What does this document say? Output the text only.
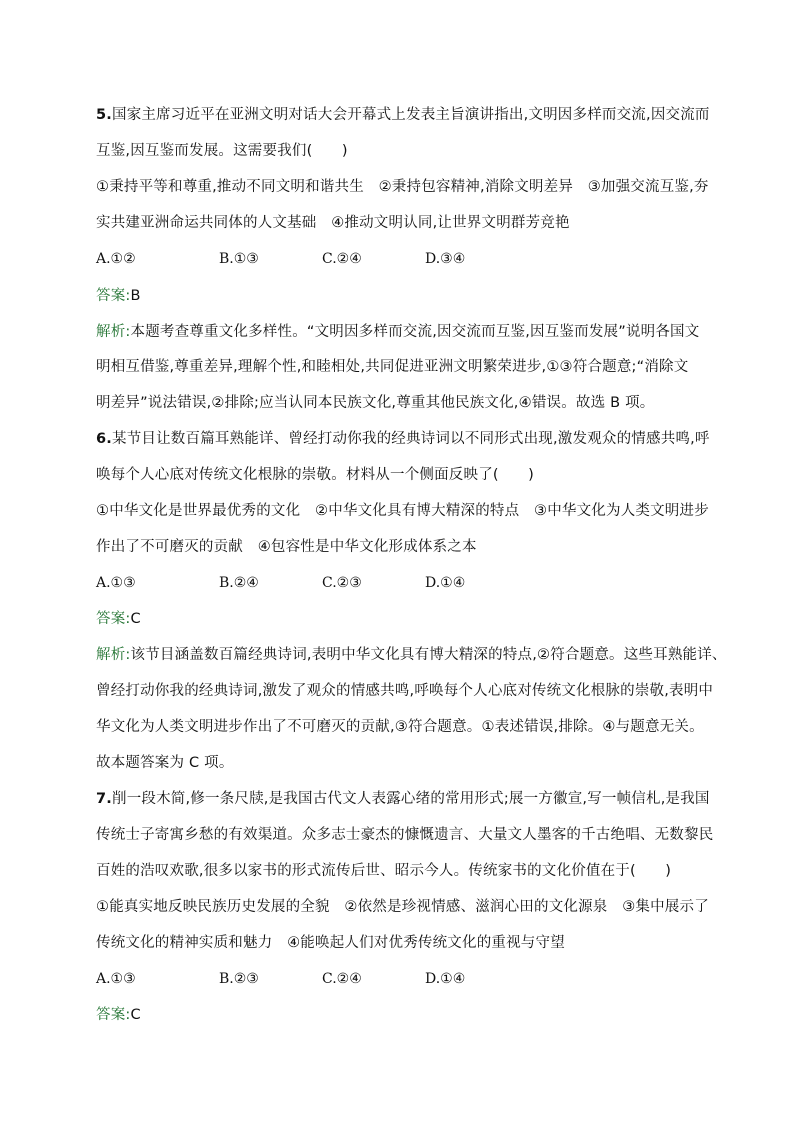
5.国家主席习近平在亚洲文明对话大会开幕式上发表主旨演讲指出,文明因多样而交流,因交流而
互鉴,因互鉴而发展。这需要我们(　　)
①秉持平等和尊重,推动不同文明和谐共生　②秉持包容精神,消除文明差异　③加强交流互鉴,夯
实共建亚洲命运共同体的人文基础　④推动文明认同,让世界文明群芳竞艳
A.①②	B.①③	C.②④	D.③④
答案:B
解析:本题考查尊重文化多样性。“文明因多样而交流,因交流而互鉴,因互鉴而发展”说明各国文
明相互借鉴,尊重差异,理解个性,和睦相处,共同促进亚洲文明繁荣进步,①③符合题意;“消除文
明差异”说法错误,②排除;应当认同本民族文化,尊重其他民族文化,④错误。故选 B 项。
6.某节目让数百篇耳熟能详、曾经打动你我的经典诗词以不同形式出现,激发观众的情感共鸣,呼
唤每个人心底对传统文化根脉的崇敬。材料从一个侧面反映了(　　)
①中华文化是世界最优秀的文化　②中华文化具有博大精深的特点　③中华文化为人类文明进步
作出了不可磨灭的贡献　④包容性是中华文化形成体系之本
A.①③	B.②④	C.②③	D.①④
答案:C
解析:该节目涵盖数百篇经典诗词,表明中华文化具有博大精深的特点,②符合题意。这些耳熟能详、
曾经打动你我的经典诗词,激发了观众的情感共鸣,呼唤每个人心底对传统文化根脉的崇敬,表明中
华文化为人类文明进步作出了不可磨灭的贡献,③符合题意。①表述错误,排除。④与题意无关。
故本题答案为 C 项。
7.削一段木简,修一条尺牍,是我国古代文人表露心绪的常用形式;展一方徽宣,写一帧信札,是我国
传统士子寄寓乡愁的有效渠道。众多志士豪杰的慷慨遗言、大量文人墨客的千古绝唱、无数黎民
百姓的浩叹欢歌,很多以家书的形式流传后世、昭示今人。传统家书的文化价值在于(　　)
①能真实地反映民族历史发展的全貌　②依然是珍视情感、滋润心田的文化源泉　③集中展示了
传统文化的精神实质和魅力　④能唤起人们对优秀传统文化的重视与守望
A.①③	B.②③	C.②④	D.①④
答案:C
